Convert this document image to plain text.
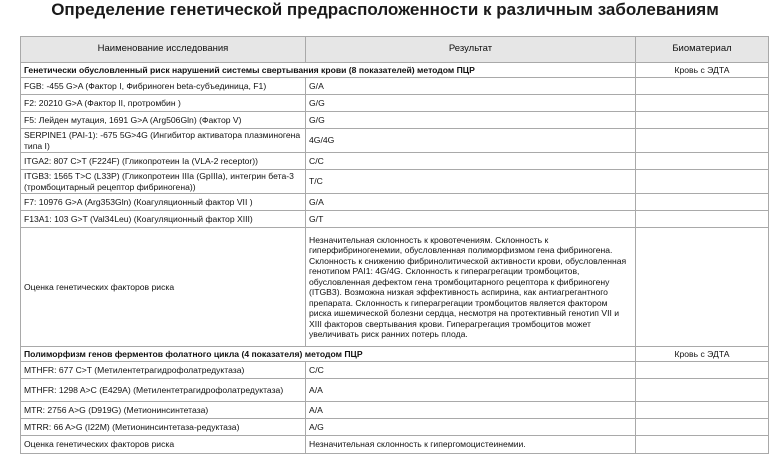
Определение генетической предрасположенности к различным заболеваниям
Наименование исследования	Результат	Биоматериал
Генетически обусловленный риск нарушений системы свертывания крови (8 показателей) методом ПЦР		Кровь с ЭДТА
FGB: -455 G>A (Фактор I, Фибриноген beta-субъединица, F1)	G/A	
F2: 20210 G>A (Фактор II, протромбин )	G/G	
F5: Лейден мутация, 1691 G>A (Arg506Gln) (Фактор V)	G/G	
SERPINE1 (PAI-1): -675 5G>4G (Ингибитор активатора плазминогена типа I)	4G/4G	
ITGA2: 807 C>T (F224F) (Гликопротеин Ia (VLA-2 receptor))	C/C	
ITGB3: 1565 T>C (L33P) (Гликопротеин IIIa (GpIIIa), интегрин бета-3 (тромбоцитарный рецептор фибриногена))	T/C	
F7: 10976 G>A (Arg353Gln) (Коагуляционный фактор VII )	G/A	
F13A1: 103 G>T (Val34Leu) (Коагуляционный фактор XIII)	G/T	
Оценка генетических факторов риска	Незначительная склонность к кровотечениям. Склонность к гиперфибриногенемии, обусловленная полиморфизмом гена фибриногена. Склонность к снижению фибринолитической активности крови, обусловленная генотипом PAI1: 4G/4G. Склонность к гиперагрегации тромбоцитов, обусловленная дефектом гена тромбоцитарного рецептора к фибриногену (ITGB3). Возможна низкая эффективность аспирина, как антиагрегантного препарата. Склонность к гиперагрегации тромбоцитов является фактором риска ишемической болезни сердца, несмотря на протективный генотип VII и XIII факторов свертывания крови. Гиперагрегация тромбоцитов может увеличивать риск ранних потерь плода.	
Полиморфизм генов ферментов фолатного цикла (4 показателя) методом ПЦР		Кровь с ЭДТА
MTHFR: 677 C>T (Метилентетрагидрофолатредуктаза)	C/C	
MTHFR: 1298 A>C (E429A) (Метилентетрагидрофолатредуктаза)	A/A	
MTR: 2756 A>G (D919G) (Метионинсинтетаза)	A/A	
MTRR: 66 A>G (I22M) (Метионинсинтетаза-редуктаза)	A/G	
Оценка генетических факторов риска	Незначительная склонность к гипергомоцистеинемии.	
